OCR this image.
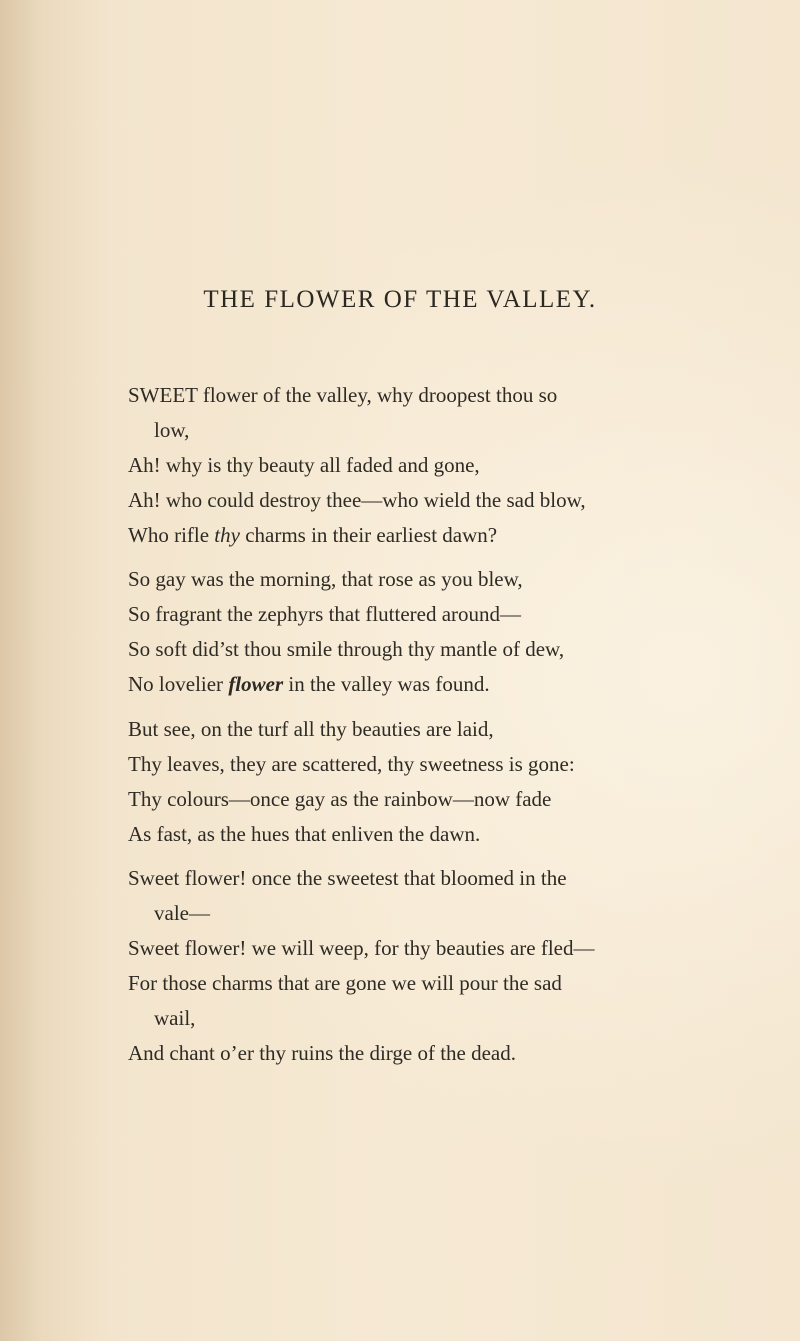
THE FLOWER OF THE VALLEY.
SWEET flower of the valley, why droopest thou so
low,
Ah! why is thy beauty all faded and gone,
Ah! who could destroy thee—who wield the sad blow,
Who rifle thy charms in their earliest dawn?
So gay was the morning, that rose as you blew,
So fragrant the zephyrs that fluttered around—
So soft did’st thou smile through thy mantle of dew,
No lovelier flower in the valley was found.
But see, on the turf all thy beauties are laid,
Thy leaves, they are scattered, thy sweetness is gone:
Thy colours—once gay as the rainbow—now fade
As fast, as the hues that enliven the dawn.
Sweet flower! once the sweetest that bloomed in the
vale—
Sweet flower! we will weep, for thy beauties are fled—
For those charms that are gone we will pour the sad
wail,
And chant o’er thy ruins the dirge of the dead.
